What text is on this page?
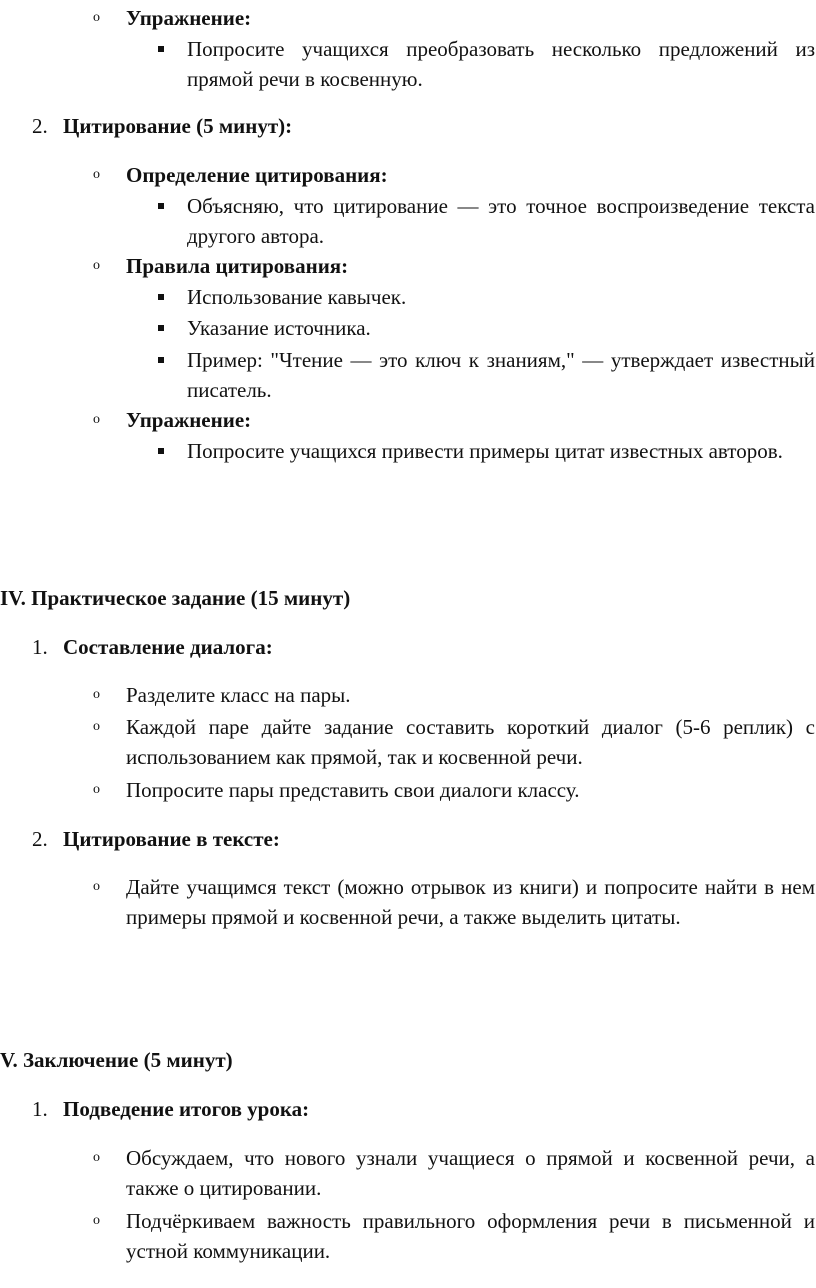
o Упражнение:
Попросите учащихся преобразовать несколько предложений из прямой речи в косвенную.
2. Цитирование (5 минут):
o Определение цитирования:
Объясняю, что цитирование — это точное воспроизведение текста другого автора.
o Правила цитирования:
Использование кавычек.
Указание источника.
Пример: "Чтение — это ключ к знаниям," — утверждает известный писатель.
o Упражнение:
Попросите учащихся привести примеры цитат известных авторов.
IV. Практическое задание (15 минут)
1. Составление диалога:
o Разделите класс на пары.
o Каждой паре дайте задание составить короткий диалог (5-6 реплик) с использованием как прямой, так и косвенной речи.
o Попросите пары представить свои диалоги классу.
2. Цитирование в тексте:
o Дайте учащимся текст (можно отрывок из книги) и попросите найти в нем примеры прямой и косвенной речи, а также выделить цитаты.
V. Заключение (5 минут)
1. Подведение итогов урока:
o Обсуждаем, что нового узнали учащиеся о прямой и косвенной речи, а также о цитировании.
o Подчёркиваем важность правильного оформления речи в письменной и устной коммуникации.
